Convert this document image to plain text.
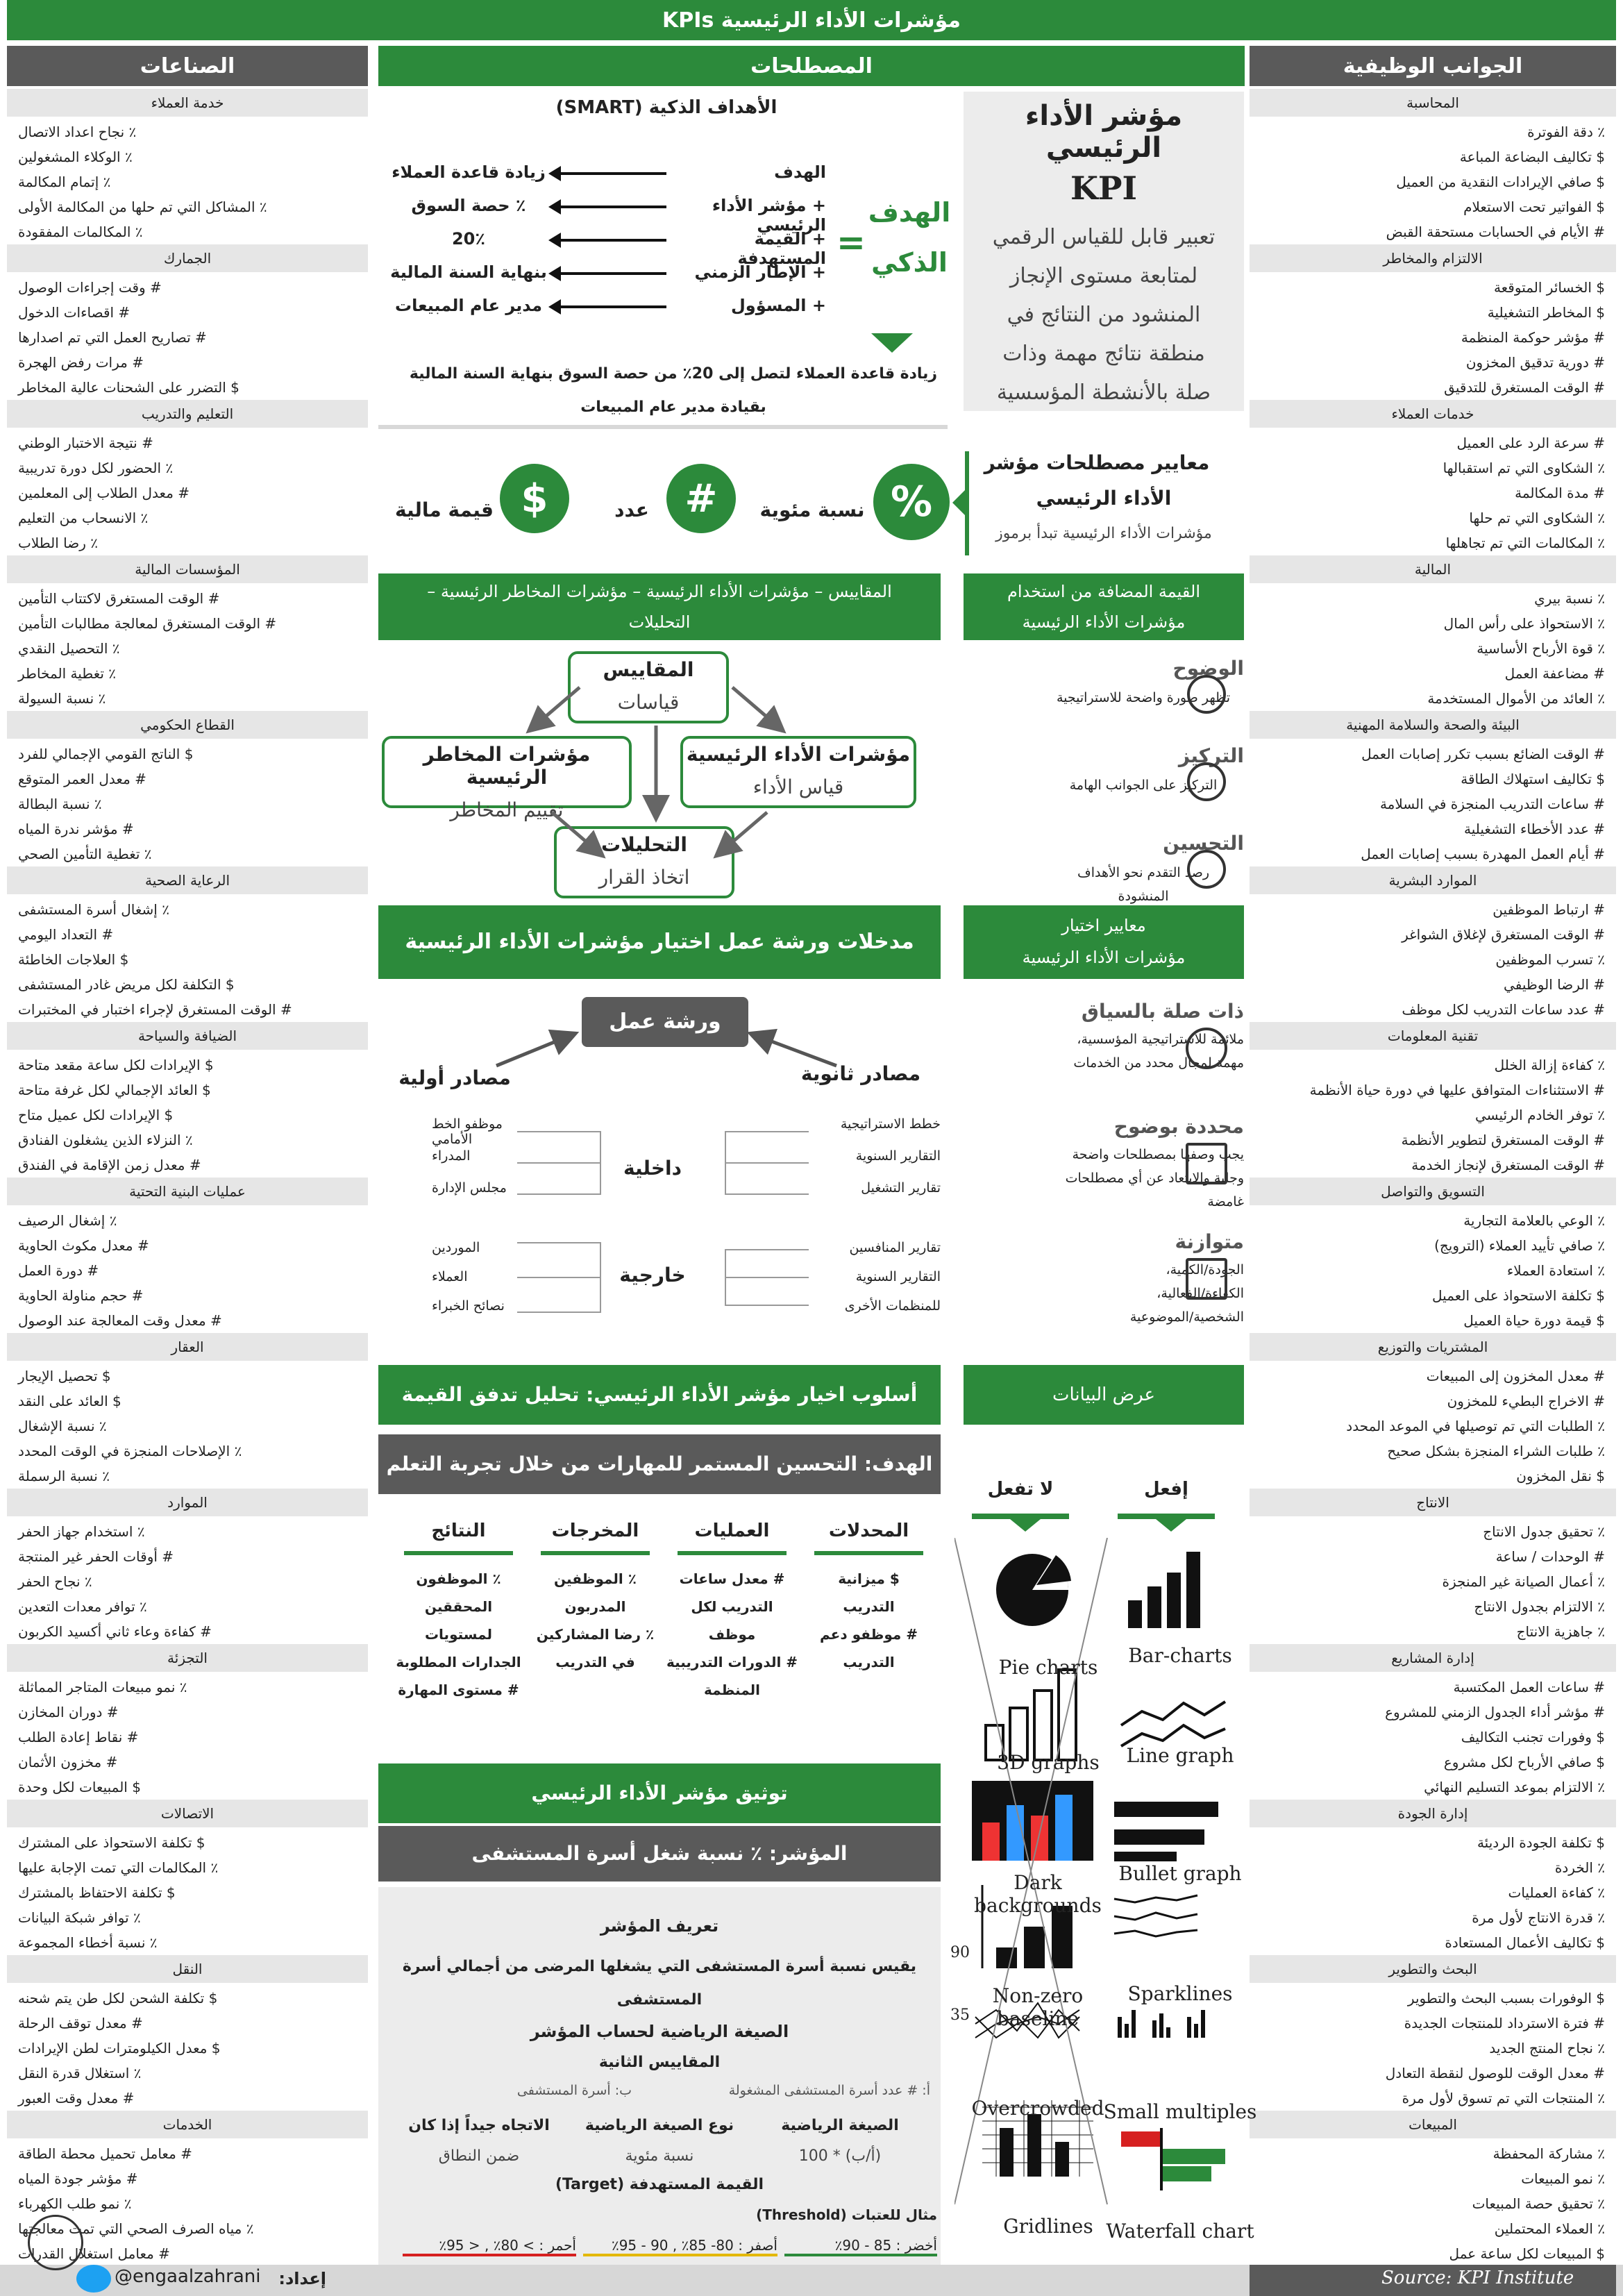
مؤشرات الأداء الرئيسية KPIs
الصناعات	المصطلحات	الجوانب الوظيفية
خدمة العملاء
٪ نجاح اعداد الاتصال
٪ الوكلاء المشغولين
٪ إتمام المكالمة
٪ المشاكل التي تم حلها من المكالمة الأولى
٪ المكالمات المفقودة
الجمارك
# وقت إجراءات الوصول
# اقصاءات الدخول
# تصاريح العمل التي تم اصدارها
# مرات رفض الهجرة
$ التضرر على الشحنات عالية المخاطر
التعليم والتدريب
# نتيجة الاختبار الوطني
٪ الحضور لكل دورة تدريبية
# معدل الطلاب إلى المعلمين
٪ الانسحاب من التعليم
٪ رضا الطلاب
المؤسسات المالية
# الوقت المستغرق لاكتتاب التأمين
# الوقت المستغرق لمعالجة مطالبات التأمين
٪ التحصيل النقدي
٪ تغطية المخاطر
٪ نسبة السيولة
القطاع الحكومي
$ الناتج القومي الإجمالي للفرد
# معدل العمر المتوقع
٪ نسبة البطالة
# مؤشر ندرة المياه
٪ تغطية التأمين الصحي
الرعاية الصحية
٪ إشغال أسرة المستشفى
# التعداد اليومي
$ العلاجات الخاطئة
$ التكلفة لكل مريض غادر المستشفى
# الوقت المستغرق لإجراء اختبار في المختبرات
الضيافة والسياحة
$ الإيرادات لكل ساعة مقعد متاحة
$ العائد الإجمالي لكل غرفة متاحة
$ الإيرادات لكل عميل متاح
٪ النزلاء الذين يشغلون الفنادق
# معدل زمن الإقامة في الفندق
عمليات البنية التحتية
٪ إشغال الرصيف
# معدل مكوث الحاوية
# دورة العمل
# حجم مناولة الحاوية
# معدل وقت المعالجة عند الوصول
العقار
$ تحصيل الإيجار
$ العائد على النقد
٪ نسبة الإشغال
٪ الإصلاحات المنجزة في الوقت المحدد
٪ نسبة الرسملة
الموارد
٪ استخدام جهاز الحفر
# أوقات الحفر غير المنتجة
٪ نجاح الحفر
٪ توافر معدات التعدين
# كفاءة وعاء ثاني أكسيد الكربون
التجزئة
٪ نمو مبيعات المتاجر المماثلة
# دوران المخازن
# نقاط إعادة الطلب
# مخزون الأثمان
$ المبيعات لكل وحدة
الاتصالات
$ تكلفة الاستحواذ على المشترك
٪ المكالمات التي تمت الإجابة عليها
$ تكلفة الاحتفاظ بالمشترك
٪ توافر شبكة البيانات
٪ نسبة أخطاء المجموعة
النقل
$ تكلفة الشحن لكل طن يتم شحنه
# معدل توقف الرحلة
$ معدل الكيلومترات لطن الإيرادات
٪ استغلال قدرة النقل
# معدل وقت العبور
الخدمات
# معامل تحميل محطة الطاقة
# مؤشر جودة المياه
٪ نمو طلب الكهرباء
٪ مياه الصرف الصحي التي تمت معالجتها
# معامل استغلال القدرات
المحاسبة
٪ دقة الفوترة
$ تكاليف البضاعة المباعة
$ صافي الإيرادات النقدية من العميل
$ الفواتير تحت الاستعلام
# الأيام في الحسابات مستحقة القبض
الالتزام والمخاطر
$ الخسائر المتوقعة
$ المخاطر التشغيلية
# مؤشر حوكمة المنظمة
# دورية تدقيق المخزون
# الوقت المستغرق للتدقيق
خدمات العملاء
# سرعة الرد على العميل
٪ الشكاوى التي تم استقبالها
# مدة المكالمة
٪ الشكاوى التي تم حلها
٪ المكالمات التي تم تجاهلها
المالية
٪ نسبة بيري
٪ الاستحواذ على رأس المال
٪ قوة الأرباح الأساسية
# مضاعفة العمل
٪ العائد من الأموال المستخدمة
البيئة والصحة والسلامة المهنية
# الوقت الضائع بسبب تكرر إصابات العمل
$ تكاليف استهلاك الطاقة
# ساعات التدريب المنجزة في السلامة
# عدد الأخطاء التشغيلية
# أيام العمل المهدرة بسبب إصابات العمل
الموارد البشرية
# ارتباط الموظفين
# الوقت المستغرق لإغلاق الشواغر
٪ تسرب الموظفين
# الرضا الوظيفي
# عدد ساعات التدريب لكل موظف
تقنية المعلومات
٪ كفاءة إزالة الخلل
# الاستثناءات المتوافق عليها في دورة حياة الأنظمة
٪ توفر الخادم الرئيسي
# الوقت المستغرق لتطوير الأنظمة
# الوقت المستغرق لإنجاز الخدمة
التسويق والتواصل
٪ الوعي بالعلامة التجارية
٪ صافي تأييد العملاء (الترويج)
٪ استعادة العملاء
$ تكلفة الاستحواذ على العميل
$ قيمة دورة حياة العميل
المشتريات والتوزيع
# معدل المخزون إلى المبيعات
# الاخراج البطيء للمخزون
٪ الطلبات التي تم توصيلها في الموعد المحدد
٪ طلبات الشراء المنجزة بشكل صحيح
$ نقل المخزون
الانتاج
٪ تحقيق جدول الانتاج
# الوحدات / ساعة
٪ أعمال الصيانة غير المنجزة
٪ الالتزام بجدول الانتاج
٪ جاهزية الانتاج
إدارة المشاريع
# ساعات العمل المكتسبة
# مؤشر أداء الجدول الزمني للمشروع
$ وفورات تجنب التكاليف
$ صافي الأرباح لكل مشروع
٪ الالتزام بموعد التسليم النهائي
إدارة الجودة
$ تكلفة الجودة الرديئة
٪ الخردة
٪ كفاءة العمليات
٪ قدرة الانتاج لأول مرة
$ تكاليف الأعمال المستعادة
البحث والتطوير
$ الوفورات بسبب البحث والتطوير
# فترة الاسترداد للمنتجات الجديدة
٪ نجاح المنتج الجديد
# معدل الوقت للوصول لنقطة التعادل
٪ المنتجات التي تم تسوق لأول مرة
المبيعات
٪ مشاركة المحفظة
٪ نمو المبيعات
٪ تحقيق حصة المبيعات
٪ العملاء المحتملين
$ المبيعات لكل ساعة عمل
الأهداف الذكية (SMART)
الهدف الذكي
=
الهدف
زيادة قاعدة العملاء
+ مؤشر الأداء الرئيسي
٪ حصة السوق
+ القيمة المستهدفة
20٪
+ الإطار الزمني
بنهاية السنة المالية
+ المسؤول
مدير عام المبيعات
زيادة قاعدة العملاء لتصل إلى 20٪ من حصة السوق بنهاية السنة المالية
بقيادة مدير عام المبيعات
مؤشر الأداء الرئيسي
KPI
تعبير قابل للقياس الرقمي
لمتابعة مستوى الإنجاز
المنشود من النتائج في
منطقة نتائج مهمة وذات
صلة بالأنشطة المؤسسية
معايير مصطلحات مؤشر
الأداء الرئيسي
مؤشرات الأداء الرئيسية تبدأ برموز
%
نسبة مئوية
#
عدد
$
قيمة مالية
المقاييس – مؤشرات الأداء الرئيسية – مؤشرات المخاطر الرئيسية –
التحليلات
المقاييس
قياسات
مؤشرات الأداء الرئيسية
قياس الأداء
مؤشرات المخاطر الرئيسية
تقييم المخاطر
التحليلات
اتخاذ القرار
القيمة المضافة من استخدام
مؤشرات الأداء الرئيسية
الوضوح
تظهر صورة واضحة للاستراتيجية
التركيز
التركيز على الجوانب الهامة
التحسين
رصد التقدم نحو الأهداف
المنشودة
مدخلات ورشة عمل اختيار مؤشرات الأداء الرئيسية
ورشة عمل
مصادر أولية	مصادر ثانوية
داخلية
خارجية
موظفو الخط الأمامي
المدراء
مجلس الإدارة
الموردين
العملاء
نصائح الخبراء
خطط الاستراتيجية
التقارير السنوية
تقارير التشغيل
تقارير المنافسين
التقارير السنوية
للمنظمات الأخرى
معايير اختيار
مؤشرات الأداء الرئيسية
ذات صلة بالسياق
ملائمة للاستراتيجية المؤسسية،
مهمة لمجال محدد من الخدمات
محددة بوضوح
يجب وصفها بمصطلحات واضحة
وجلية والابتعاد عن أي مصطلحات
غامضة
متوازنة
الجودة/الكمية،
الكفاءة/الفعالية،
الشخصية/الموضوعية
أسلوب اخيار مؤشر الأداء الرئيسي: تحليل تدفق القيمة
الهدف: التحسين المستمر للمهارات من خلال تجربة التعلم
المحدلات
$ ميزانية
التدريب
# موظفو دعم
التدريب
العمليات
# معدل ساعات
التدريب لكل
موظف
# الدورات التدريبية
المنظمة
المخرجات
٪ الموظفين
المدربون
٪ رضا المشاركين
في التدريب
النتائج
٪ الموظفون
المحققين
لمستويات
الجدارات المطلوبة
# مستوى المهارة
توثيق مؤشر الأداء الرئيسي
المؤشر: ٪ نسبة شغل أسرة المستشفى
تعريف المؤشر
يقيس نسبة أسرة المستشفى التي يشغلها المرضى من أجمالي أسرة
المستشفى
الصيغة الرياضية لحساب المؤشر
المقاييس الثانية
أ: # عدد أسرة المستشفى المشغولة
ب: أسرة المستشفى
الصيغة الرياضية
(أ/ب) * 100
نوع الصيغة الرياضية
نسبة مئوية
الاتجاه جيداً إذا كان
ضمن النطاق
القيمة المستهدفة (Target)
مثال للعتبات (Threshold)
أخضر : 85 - 90٪
أصفر : 80- 85٪ , 90 - 95٪
أحمر : > 80٪ , < 95٪
عرض البيانات
لا تفعل	إفعل
90
35
إعداد:
@engaalzahrani	Source: KPI Institute
Pie charts
3D graphs
Dark backgrounds
Non-zero baseline
Overcrowded
Gridlines
Bar-charts
Line graph
Bullet graph
Sparklines
Small multiples
Waterfall chart
